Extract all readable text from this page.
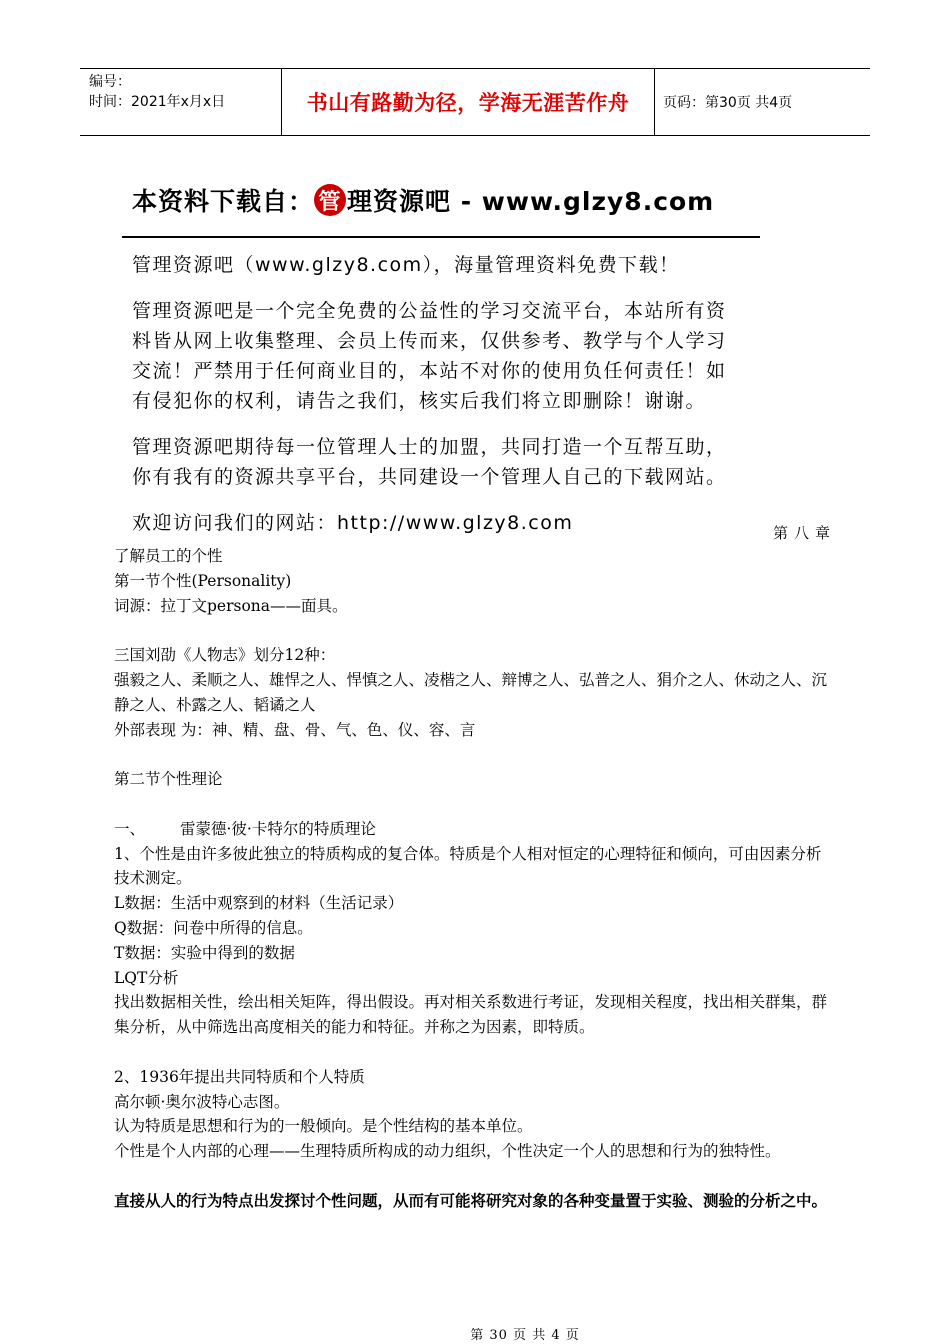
编号：
时间：2021年x月x日	书山有路勤为径，学海无涯苦作舟	页码：第30页 共4页
本资料下载自： 管 理资源吧 - www.glzy8.com

管理资源吧（www.glzy8.com），海量管理资料免费下载！

管理资源吧是一个完全免费的公益性的学习交流平台，本站所有资

料皆从网上收集整理、会员上传而来，仅供参考、教学与个人学习

交流！严禁用于任何商业目的，本站不对你的使用负任何责任！如

有侵犯你的权利，请告之我们，核实后我们将立即删除！谢谢。

管理资源吧期待每一位管理人士的加盟，共同打造一个互帮互助，

你有我有的资源共享平台，共同建设一个管理人自己的下载网站。

欢迎访问我们的网站：http://www.glzy8.com	第八章

了解员工的个性

第一节个性(Personality)

词源：拉丁文persona——面具。

三国刘劭《人物志》划分12种：

强毅之人、柔顺之人、雄悍之人、悍慎之人、凌楷之人、辩博之人、弘普之人、狷介之人、休动之人、沉静之人、朴露之人、韬谲之人

外部表现 为：神、精、盘、骨、气、色、仪、容、言

第二节个性理论

一、 雷蒙德·彼·卡特尔的特质理论

1、个性是由许多彼此独立的特质构成的复合体。特质是个人相对恒定的心理特征和倾向，可由因素分析技术测定。

L数据：生活中观察到的材料（生活记录）

Q数据：问卷中所得的信息。

T数据：实验中得到的数据

LQT分析

找出数据相关性，绘出相关矩阵，得出假设。再对相关系数进行考证，发现相关程度，找出相关群集，群集分析，从中筛选出高度相关的能力和特征。并称之为因素，即特质。

2、1936年提出共同特质和个人特质

高尔顿·奥尔波特心志图。

认为特质是思想和行为的一般倾向。是个性结构的基本单位。

个性是个人内部的心理——生理特质所构成的动力组织，个性决定一个人的思想和行为的独特性。

直接从人的行为特点出发探讨个性问题，从而有可能将研究对象的各种变量置于实验、测验的分析之中。

第 30 页 共 4 页
